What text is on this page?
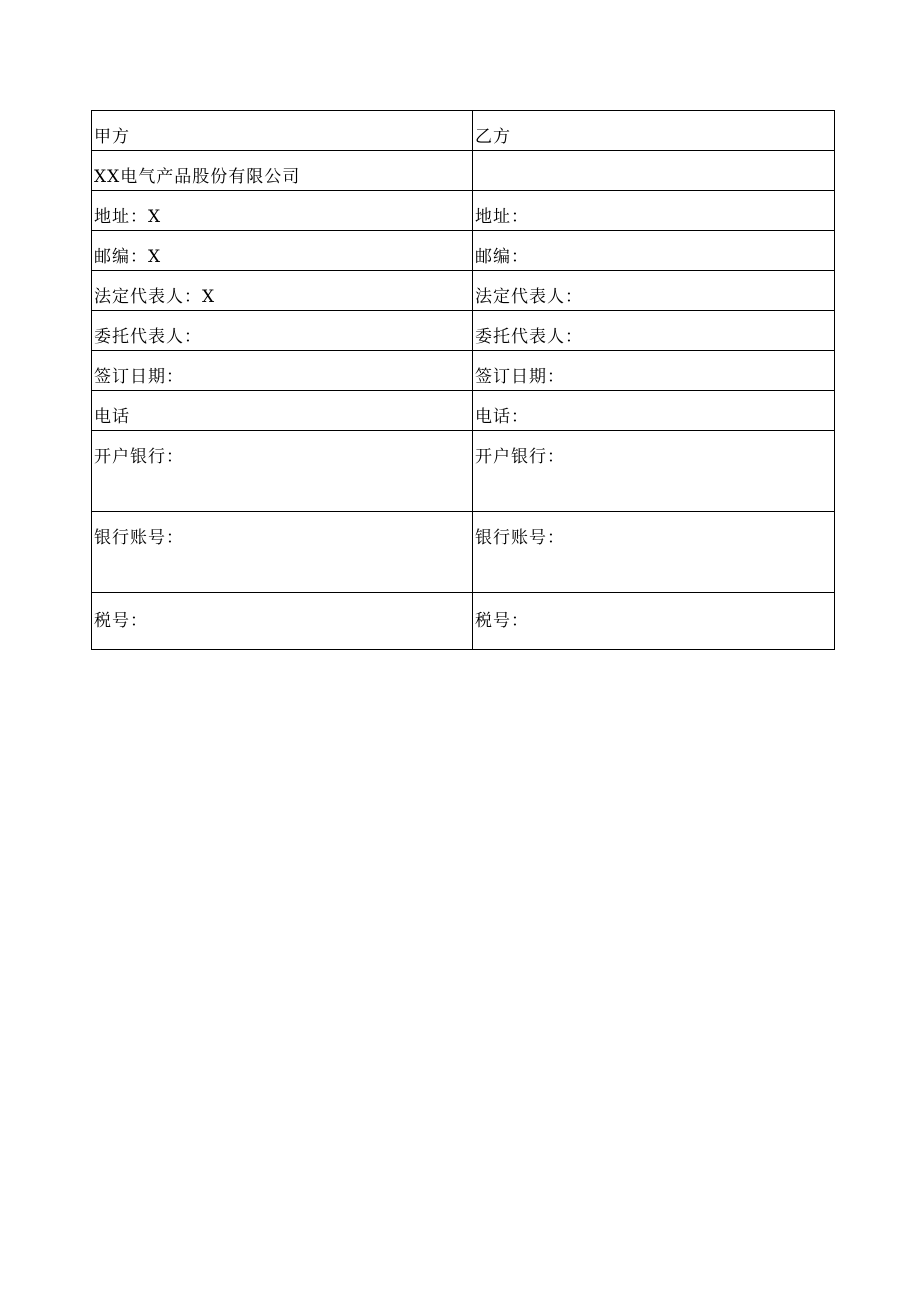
甲方	乙方
XX电气产品股份有限公司	
地址：X	地址：
邮编：X	邮编：
法定代表人：X	法定代表人：
委托代表人：	委托代表人：
签订日期：	签订日期：
电话	电话：
开户银行：	开户银行：
银行账号：	银行账号：
税号：	税号：
